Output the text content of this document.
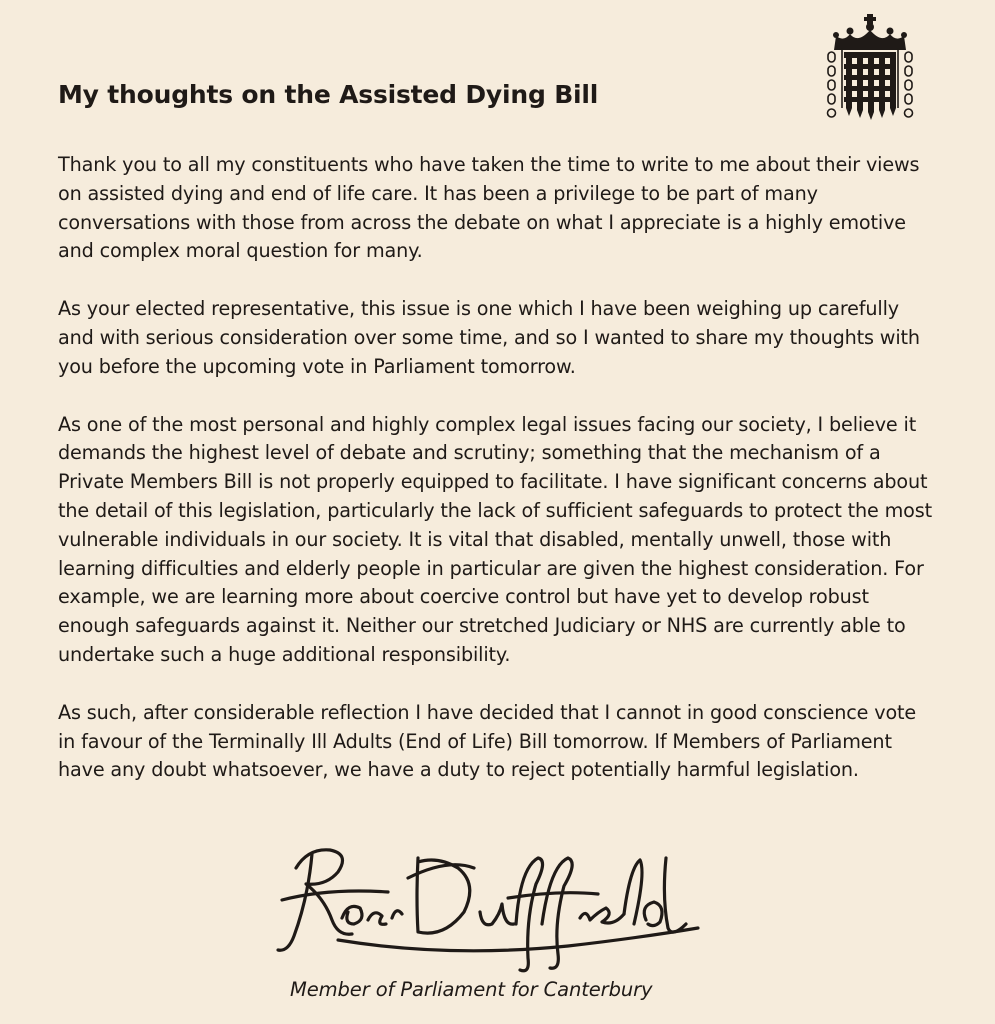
My thoughts on the Assisted Dying Bill

Thank you to all my constituents who have taken the time to write to me about their views on assisted dying and end of life care. It has been a privilege to be part of many conversations with those from across the debate on what I appreciate is a highly emotive and complex moral question for many.

As your elected representative, this issue is one which I have been weighing up carefully and with serious consideration over some time, and so I wanted to share my thoughts with you before the upcoming vote in Parliament tomorrow.

As one of the most personal and highly complex legal issues facing our society, I believe it demands the highest level of debate and scrutiny; something that the mechanism of a Private Members Bill is not properly equipped to facilitate. I have significant concerns about the detail of this legislation, particularly the lack of sufficient safeguards to protect the most vulnerable individuals in our society. It is vital that disabled, mentally unwell, those with learning difficulties and elderly people in particular are given the highest consideration. For example, we are learning more about coercive control but have yet to develop robust enough safeguards against it. Neither our stretched Judiciary or NHS are currently able to undertake such a huge additional responsibility.

As such, after considerable reflection I have decided that I cannot in good conscience vote in favour of the Terminally Ill Adults (End of Life) Bill tomorrow. If Members of Parliament have any doubt whatsoever, we have a duty to reject potentially harmful legislation.

Member of Parliament for Canterbury
